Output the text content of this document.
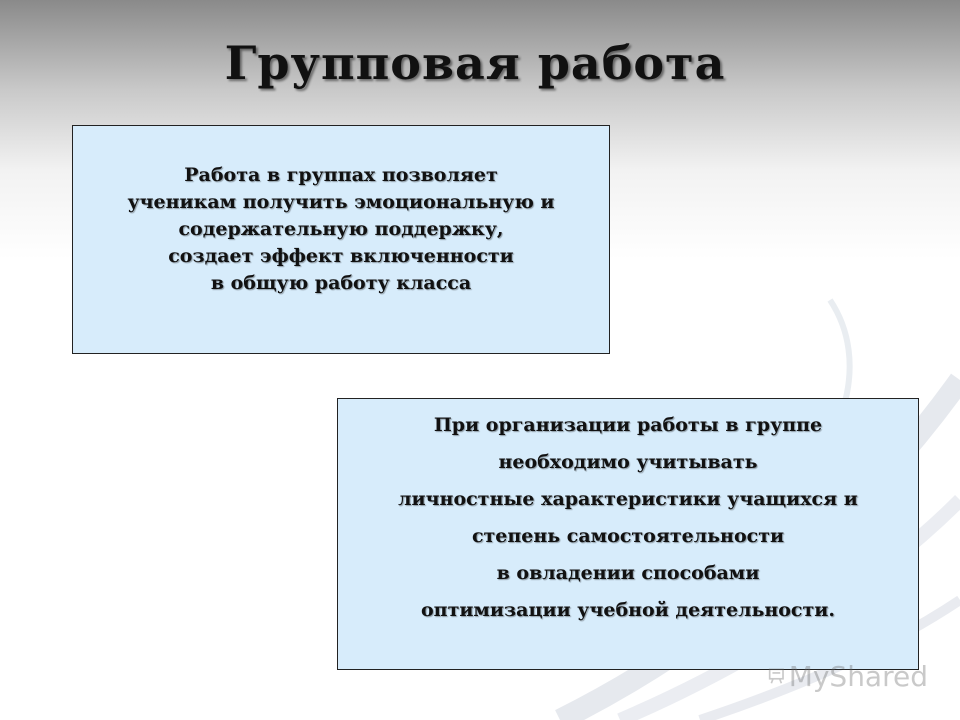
Групповая работа
Работа в группах позволяет
ученикам получить эмоциональную и
содержательную поддержку,
создает эффект включенности
в общую работу класса
При организации работы в группе
необходимо учитывать
личностные характеристики учащихся и
степень самостоятельности
в овладении способами
оптимизации учебной деятельности.
MyShared
